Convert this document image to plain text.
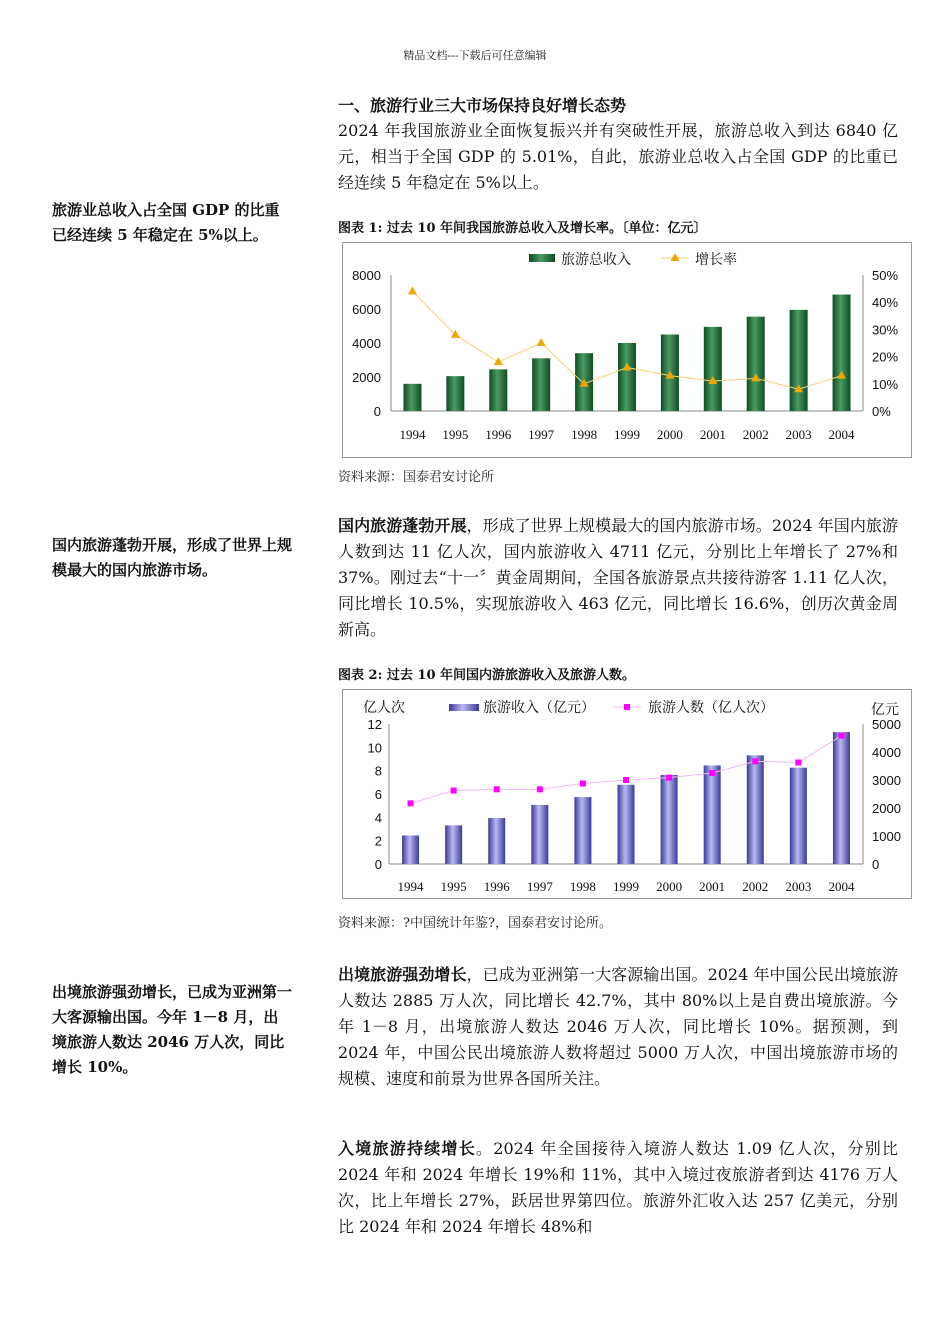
精品文档---下载后可任意编辑
一、旅游行业三大市场保持良好增长态势
2024 年我国旅游业全面恢复振兴并有突破性开展，旅游总收入到达 6840 亿元，相当于全国 GDP 的 5.01%，自此，旅游业总收入占全国 GDP 的比重已经连续 5 年稳定在 5%以上。
旅游业总收入占全国 GDP 的比重已经连续 5 年稳定在 5%以上。	图表 1: 过去 10 年间我国旅游总收入及增长率。〔单位：亿元〕
8000
6000
4000
2000
0
50%
40%
30%
20%
10%
0%
1994 1995 1996 1997 1998 1999 2000 2001 2002 2003 2004
旅游总收入	增长率
资料来源：国泰君安讨论所
国内旅游蓬勃开展，形成了世界上规模最大的国内旅游市场。2024 年国内旅游人数到达 11 亿人次，国内旅游收入 4711 亿元，分别比上年增长了 27%和 37%。刚过去“十一〞黄金周期间，全国各旅游景点共接待游客 1.11 亿人次，同比增长 10.5%，实现旅游收入 463 亿元，同比增长 16.6%，创历次黄金周新高。
国内旅游蓬勃开展，形成了世界上规模最大的国内旅游市场。
图表 2: 过去 10 年间国内游旅游收入及旅游人数。
亿人次	亿元
12
10
8
6
4
2
0
5000
4000
3000
2000
1000
0
1994 1995 1996 1997 1998 1999 2000 2001 2002 2003 2004
旅游收入（亿元）	旅游人数（亿人次）
资料来源：?中国统计年鉴?，国泰君安讨论所。
出境旅游强劲增长，已成为亚洲第一大客源输出国。2024 年中国公民出境旅游人数达 2885 万人次，同比增长 42.7%，其中 80%以上是自费出境旅游。今年 1－8 月，出境旅游人数达 2046 万人次，同比增长 10%。据预测，到 2024 年，中国公民出境旅游人数将超过 5000 万人次，中国出境旅游市场的规模、速度和前景为世界各国所关注。
出境旅游强劲增长，已成为亚洲第一大客源输出国。今年 1－8 月，出境旅游人数达 2046 万人次，同比增长 10%。
入境旅游持续增长。2024 年全国接待入境游人数达 1.09 亿人次，分别比 2024 年和 2024 年增长 19%和 11%，其中入境过夜旅游者到达 4176 万人次，比上年增长 27%，跃居世界第四位。旅游外汇收入达 257 亿美元，分别比 2024 年和 2024 年增长 48%和
